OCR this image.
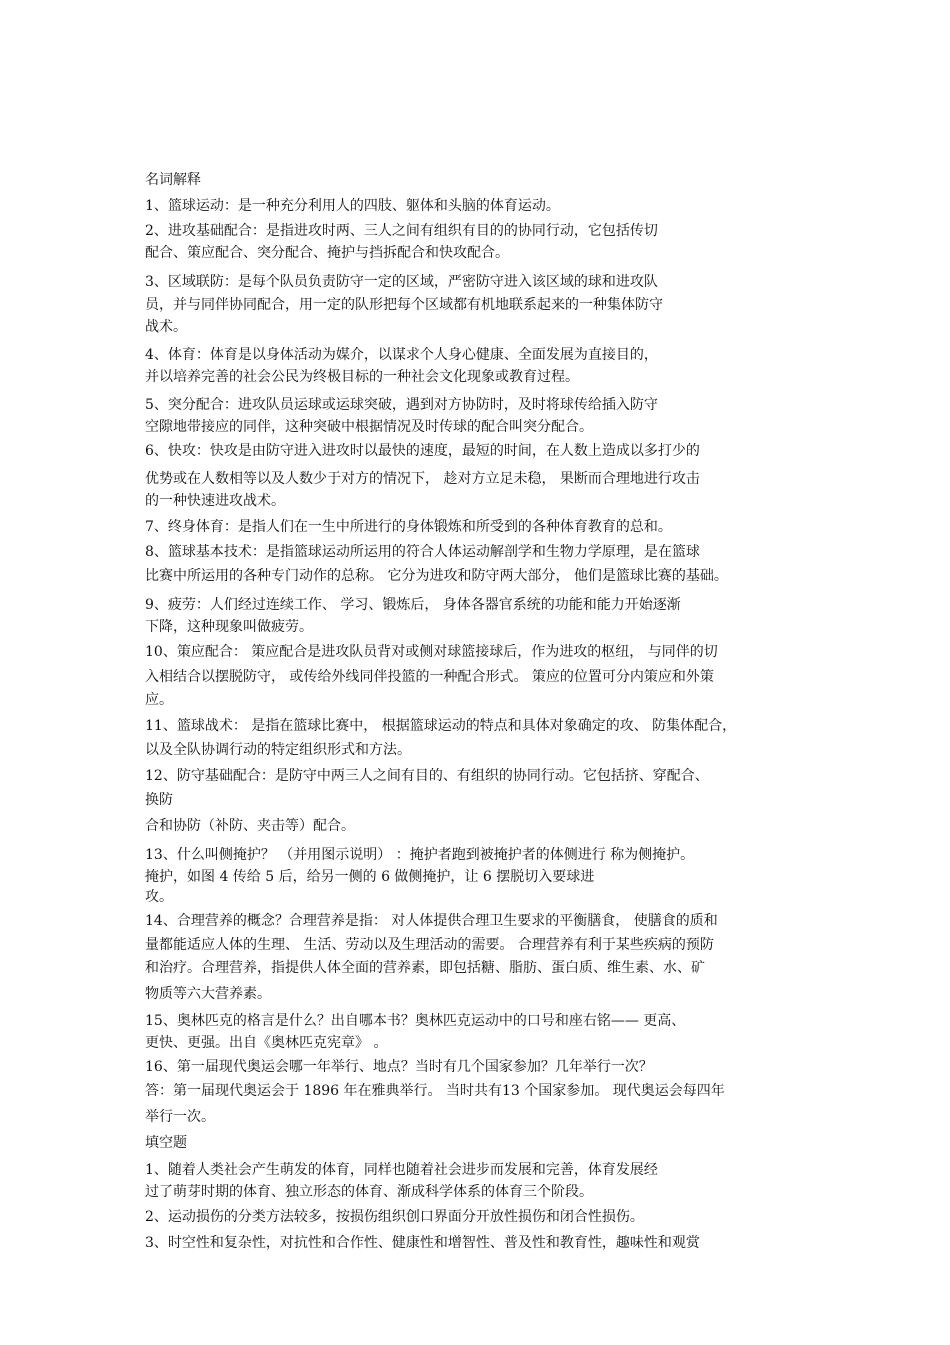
名词解释
1、篮球运动：是一种充分利用人的四肢、躯体和头脑的体育运动。
2、进攻基础配合：是指进攻时两、三人之间有组织有目的的协同行动，它包括传切
配合、策应配合、突分配合、掩护与挡拆配合和快攻配合。
3、区域联防：是每个队员负责防守一定的区域，严密防守进入该区域的球和进攻队
员，并与同伴协同配合，用一定的队形把每个区域都有机地联系起来的一种集体防守
战术。
4、体育：体育是以身体活动为媒介，以谋求个人身心健康、全面发展为直接目的，
并以培养完善的社会公民为终极目标的一种社会文化现象或教育过程。
5、突分配合：进攻队员运球或运球突破，遇到对方协防时，及时将球传给插入防守
空隙地带接应的同伴，这种突破中根据情况及时传球的配合叫突分配合。
6、快攻：快攻是由防守进入进攻时以最快的速度，最短的时间，在人数上造成以多打少的
优势或在人数相等以及人数少于对方的情况下， 趁对方立足未稳， 果断而合理地进行攻击
的一种快速进攻战术。
7、终身体育：是指人们在一生中所进行的身体锻炼和所受到的各种体育教育的总和。
8、篮球基本技术：是指篮球运动所运用的符合人体运动解剖学和生物力学原理，是在篮球
比赛中所运用的各种专门动作的总称。 它分为进攻和防守两大部分， 他们是篮球比赛的基础。
9、疲劳：人们经过连续工作、 学习、锻炼后， 身体各器官系统的功能和能力开始逐渐
下降，这种现象叫做疲劳。
10、策应配合： 策应配合是进攻队员背对或侧对球篮接球后，作为进攻的枢纽， 与同伴的切
入相结合以摆脱防守， 或传给外线同伴投篮的一种配合形式。 策应的位置可分内策应和外策
应。
11、篮球战术： 是指在篮球比赛中， 根据篮球运动的特点和具体对象确定的攻、 防集体配合，
以及全队协调行动的特定组织形式和方法。
12、防守基础配合：是防守中两三人之间有目的、有组织的协同行动。它包括挤、穿配合、
换防
合和协防（补防、夹击等）配合。
13、什么叫侧掩护？ （并用图示说明） ：掩护者跑到被掩护者的体侧进行 称为侧掩护。
掩护，如图 4 传给 5 后，给另一侧的 6 做侧掩护，让 6 摆脱切入要球进
攻。
14、合理营养的概念？合理营养是指： 对人体提供合理卫生要求的平衡膳食， 使膳食的质和
量都能适应人体的生理、 生活、劳动以及生理活动的需要。 合理营养有利于某些疾病的预防
和治疗。合理营养，指提供人体全面的营养素，即包括糖、脂肪、蛋白质、维生素、水、矿
物质等六大营养素。
15、奥林匹克的格言是什么？出自哪本书？奥林匹克运动中的口号和座右铭—— 更高、
更快、更强。出自《奥林匹克宪章》 。
16、第一届现代奥运会哪一年举行、地点？当时有几个国家参加？几年举行一次？
答：第一届现代奥运会于 1896 年在雅典举行。 当时共有13 个国家参加。 现代奥运会每四年
举行一次。
填空题
1、随着人类社会产生萌发的体育，同样也随着社会进步而发展和完善，体育发展经
过了萌芽时期的体育、独立形态的体育、渐成科学体系的体育三个阶段。
2、运动损伤的分类方法较多，按损伤组织创口界面分开放性损伤和闭合性损伤。
3、时空性和复杂性，对抗性和合作性、健康性和增智性、普及性和教育性，趣味性和观赏
